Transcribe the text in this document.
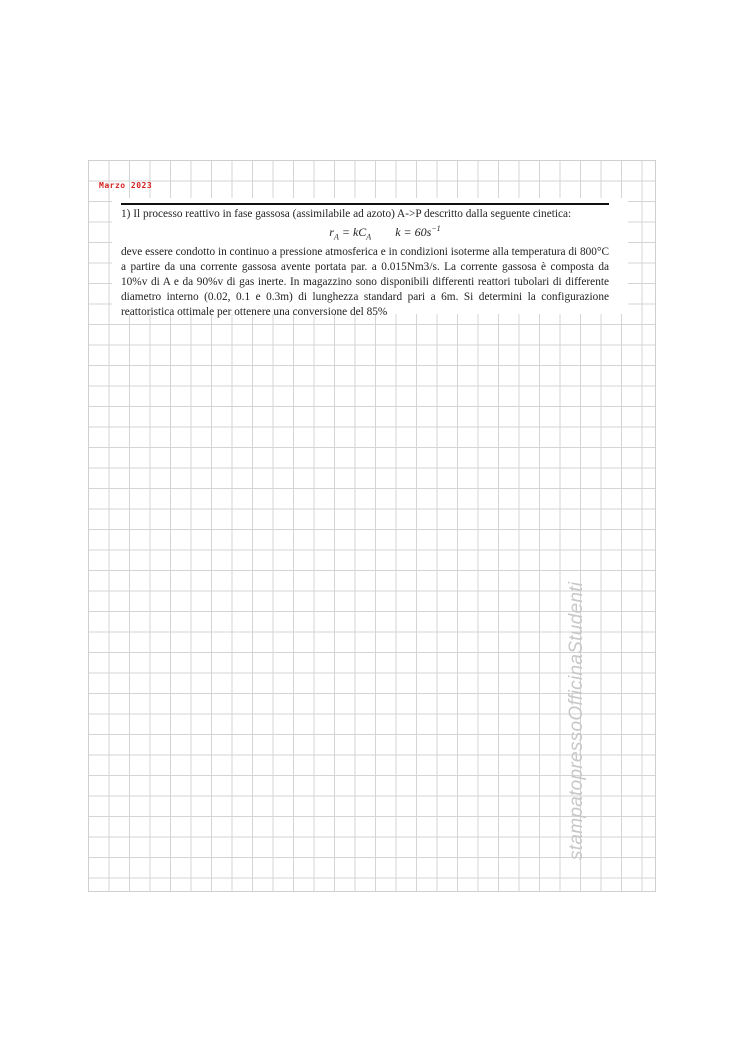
Marzo 2023

1) Il processo reattivo in fase gassosa (assimilabile ad azoto) A->P descritto dalla seguente cinetica:

$r_A = kC_A$ $k = 60s^{-1}$

deve essere condotto in continuo a pressione atmosferica e in condizioni isoterme alla temperatura di 800°C a partire da una corrente gassosa avente portata par. a 0.015Nm3/s. La corrente gassosa è composta da 10%v di A e da 90%v di gas inerte. In magazzino sono disponibili differenti reattori tubolari di differente diametro interno (0.02, 0.1 e 0.3m) di lunghezza standard pari a 6m. Si determini la configurazione reattoristica ottimale per ottenere una conversione del 85%

stampatopressoOfficinaStudenti
